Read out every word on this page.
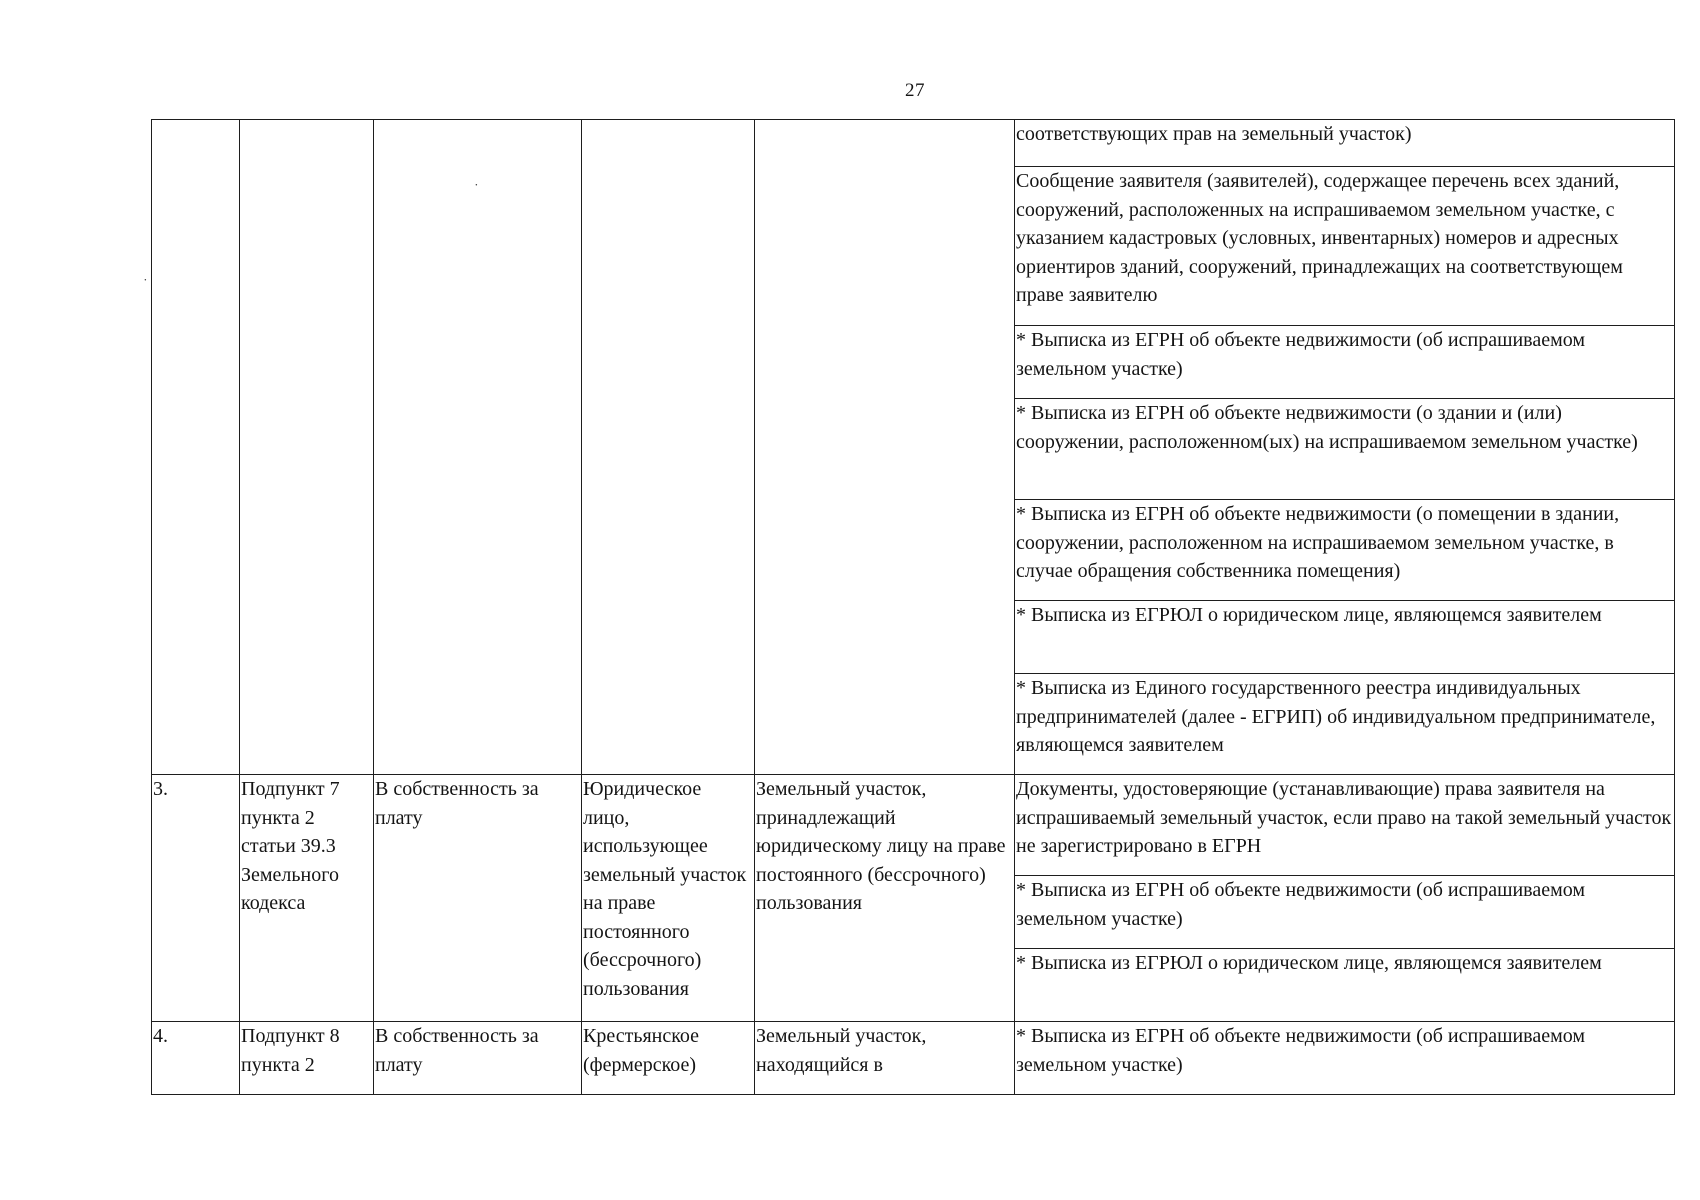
27
˙
˙
					соответствующих прав на земельный участок)
					Сообщение заявителя (заявителей), содержащее перечень всех зданий, сооружений, расположенных на испрашиваемом земельном участке, с указанием кадастровых (условных, инвентарных) номеров и адресных ориентиров зданий, сооружений, принадлежащих на соответствующем праве заявителю
					* Выписка из ЕГРН об объекте недвижимости (об испрашиваемом земельном участке)
					* Выписка из ЕГРН об объекте недвижимости (о здании и (или) сооружении, расположенном(ых) на испрашиваемом земельном участке)
					* Выписка из ЕГРН об объекте недвижимости (о помещении в здании, сооружении, расположенном на испрашиваемом земельном участке, в случае обращения собственника помещения)
					* Выписка из ЕГРЮЛ о юридическом лице, являющемся заявителем
					* Выписка из Единого государственного реестра индивидуальных предпринимателей (далее - ЕГРИП) об индивидуальном предпринимателе, являющемся заявителем
3.	Подпункт 7 пункта 2 статьи 39.3 Земельного кодекса	В собственность за плату	Юридическое лицо, использующее земельный участок на праве постоянного (бессрочного) пользования	Земельный участок, принадлежащий юридическому лицу на праве постоянного (бессрочного) пользования	Документы, удостоверяющие (устанавливающие) права заявителя на испрашиваемый земельный участок, если право на такой земельный участок не зарегистрировано в ЕГРН
					* Выписка из ЕГРН об объекте недвижимости (об испрашиваемом земельном участке)
					* Выписка из ЕГРЮЛ о юридическом лице, являющемся заявителем
4.	Подпункт 8 пункта 2	В собственность за плату	Крестьянское (фермерское)	Земельный участок, находящийся в	* Выписка из ЕГРН об объекте недвижимости (об испрашиваемом земельном участке)
